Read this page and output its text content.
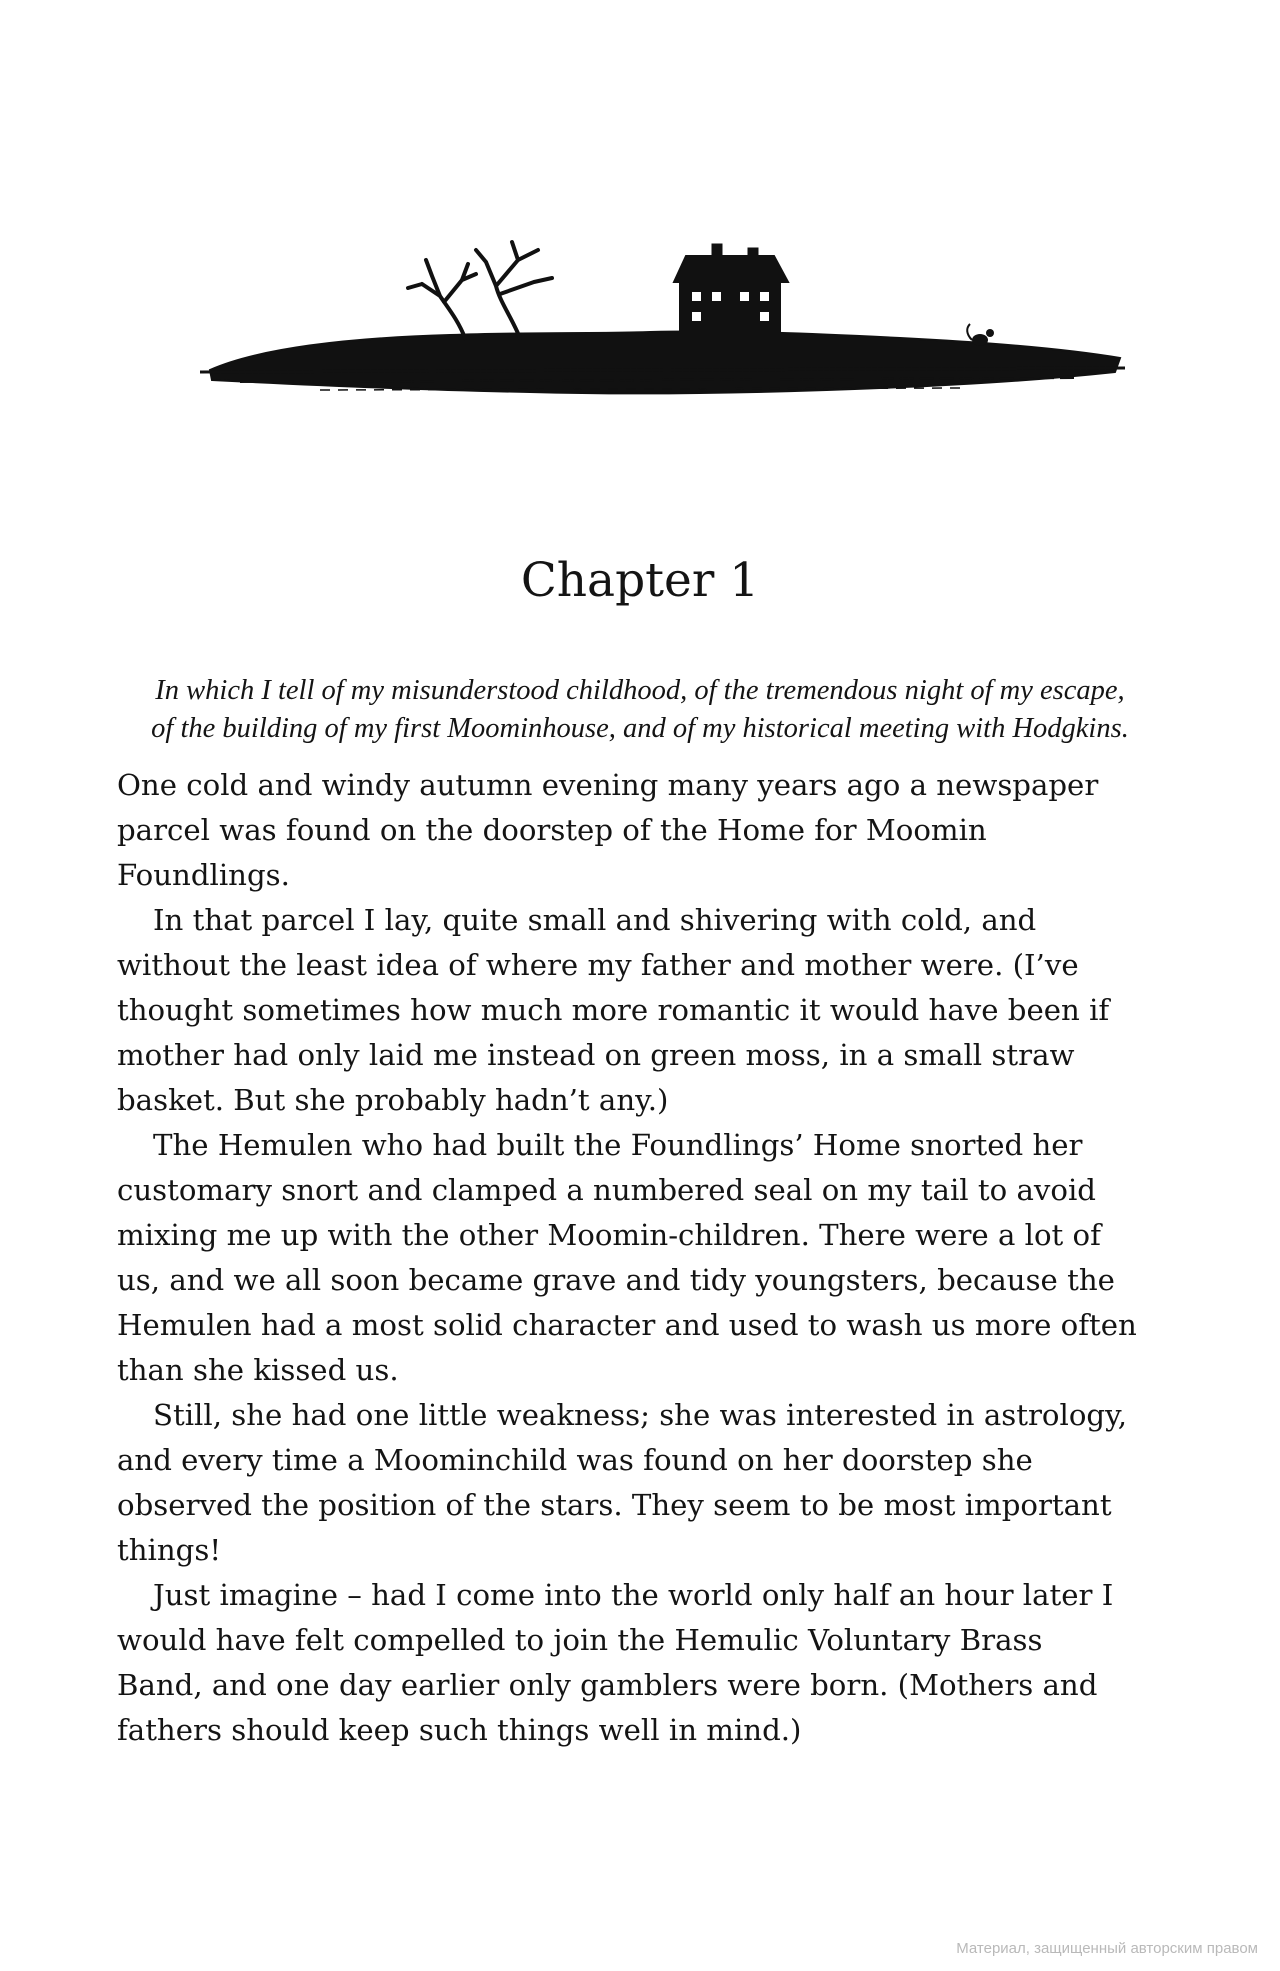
Chapter 1

In which I tell of my misunderstood childhood, of the tremendous night of my escape,
of the building of my first Moominhouse, and of my historical meeting with Hodgkins.

One cold and windy autumn evening many years ago a newspaper
parcel was found on the doorstep of the Home for Moomin
Foundlings.
In that parcel I lay, quite small and shivering with cold, and
without the least idea of where my father and mother were. (I’ve
thought sometimes how much more romantic it would have been if
mother had only laid me instead on green moss, in a small straw
basket. But she probably hadn’t any.)
The Hemulen who had built the Foundlings’ Home snorted her
customary snort and clamped a numbered seal on my tail to avoid
mixing me up with the other Moomin-children. There were a lot of
us, and we all soon became grave and tidy youngsters, because the
Hemulen had a most solid character and used to wash us more often
than she kissed us.
Still, she had one little weakness; she was interested in astrology,
and every time a Moominchild was found on her doorstep she
observed the position of the stars. They seem to be most important
things!
Just imagine – had I come into the world only half an hour later I
would have felt compelled to join the Hemulic Voluntary Brass
Band, and one day earlier only gamblers were born. (Mothers and
fathers should keep such things well in mind.)
Материал, защищенный авторским правом
